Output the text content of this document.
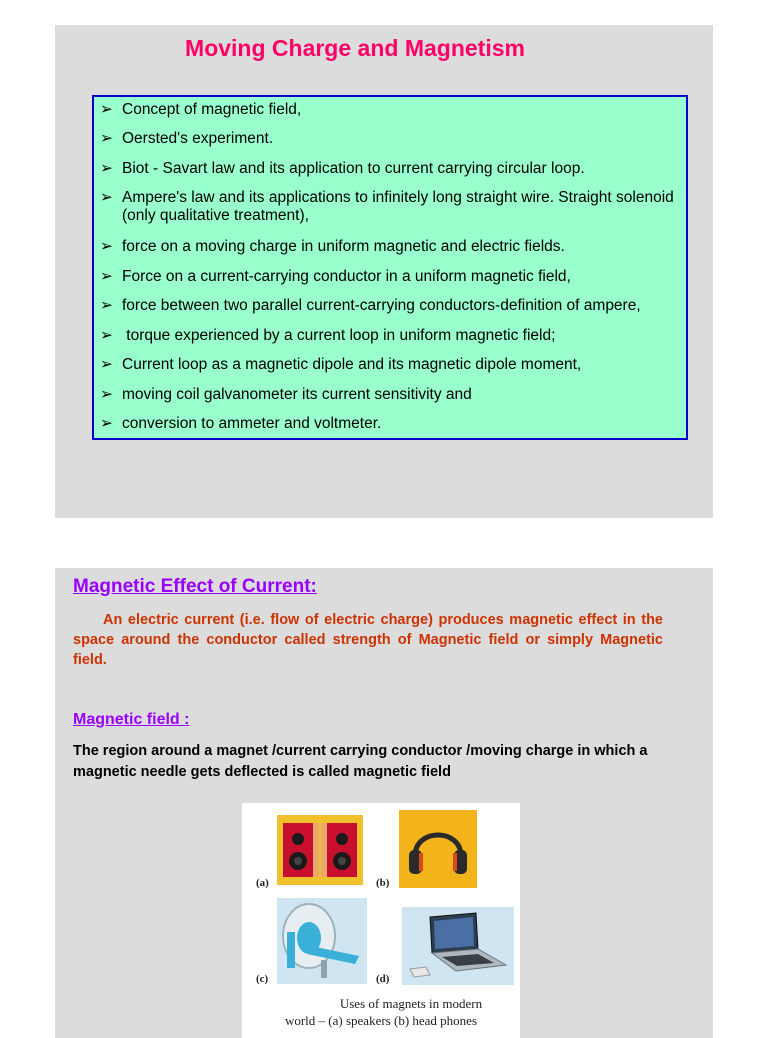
Moving Charge and Magnetism
➢ Concept of magnetic field,
➢ Oersted's experiment.
➢ Biot - Savart law and its application to current carrying circular loop.
➢ Ampere's law and its applications to infinitely long straight wire. Straight solenoid (only qualitative treatment),
➢ force on a moving charge in uniform magnetic and electric fields.
➢ Force on a current-carrying conductor in a uniform magnetic field,
➢ force between two parallel current-carrying conductors-definition of ampere,
➢ torque experienced by a current loop in uniform magnetic field;
➢ Current loop as a magnetic dipole and its magnetic dipole moment,
➢ moving coil galvanometer its current sensitivity and
➢ conversion to ammeter and voltmeter.
Magnetic Effect of Current:
An electric current (i.e. flow of electric charge) produces magnetic effect in the space around the conductor called strength of Magnetic field or simply Magnetic field.
Magnetic field :
The region around a magnet /current carrying conductor /moving charge in which a magnetic needle gets deflected is called magnetic field
(a)	(b)
(c)	(d)
Uses of magnets in modern
world – (a) speakers (b) head phones
